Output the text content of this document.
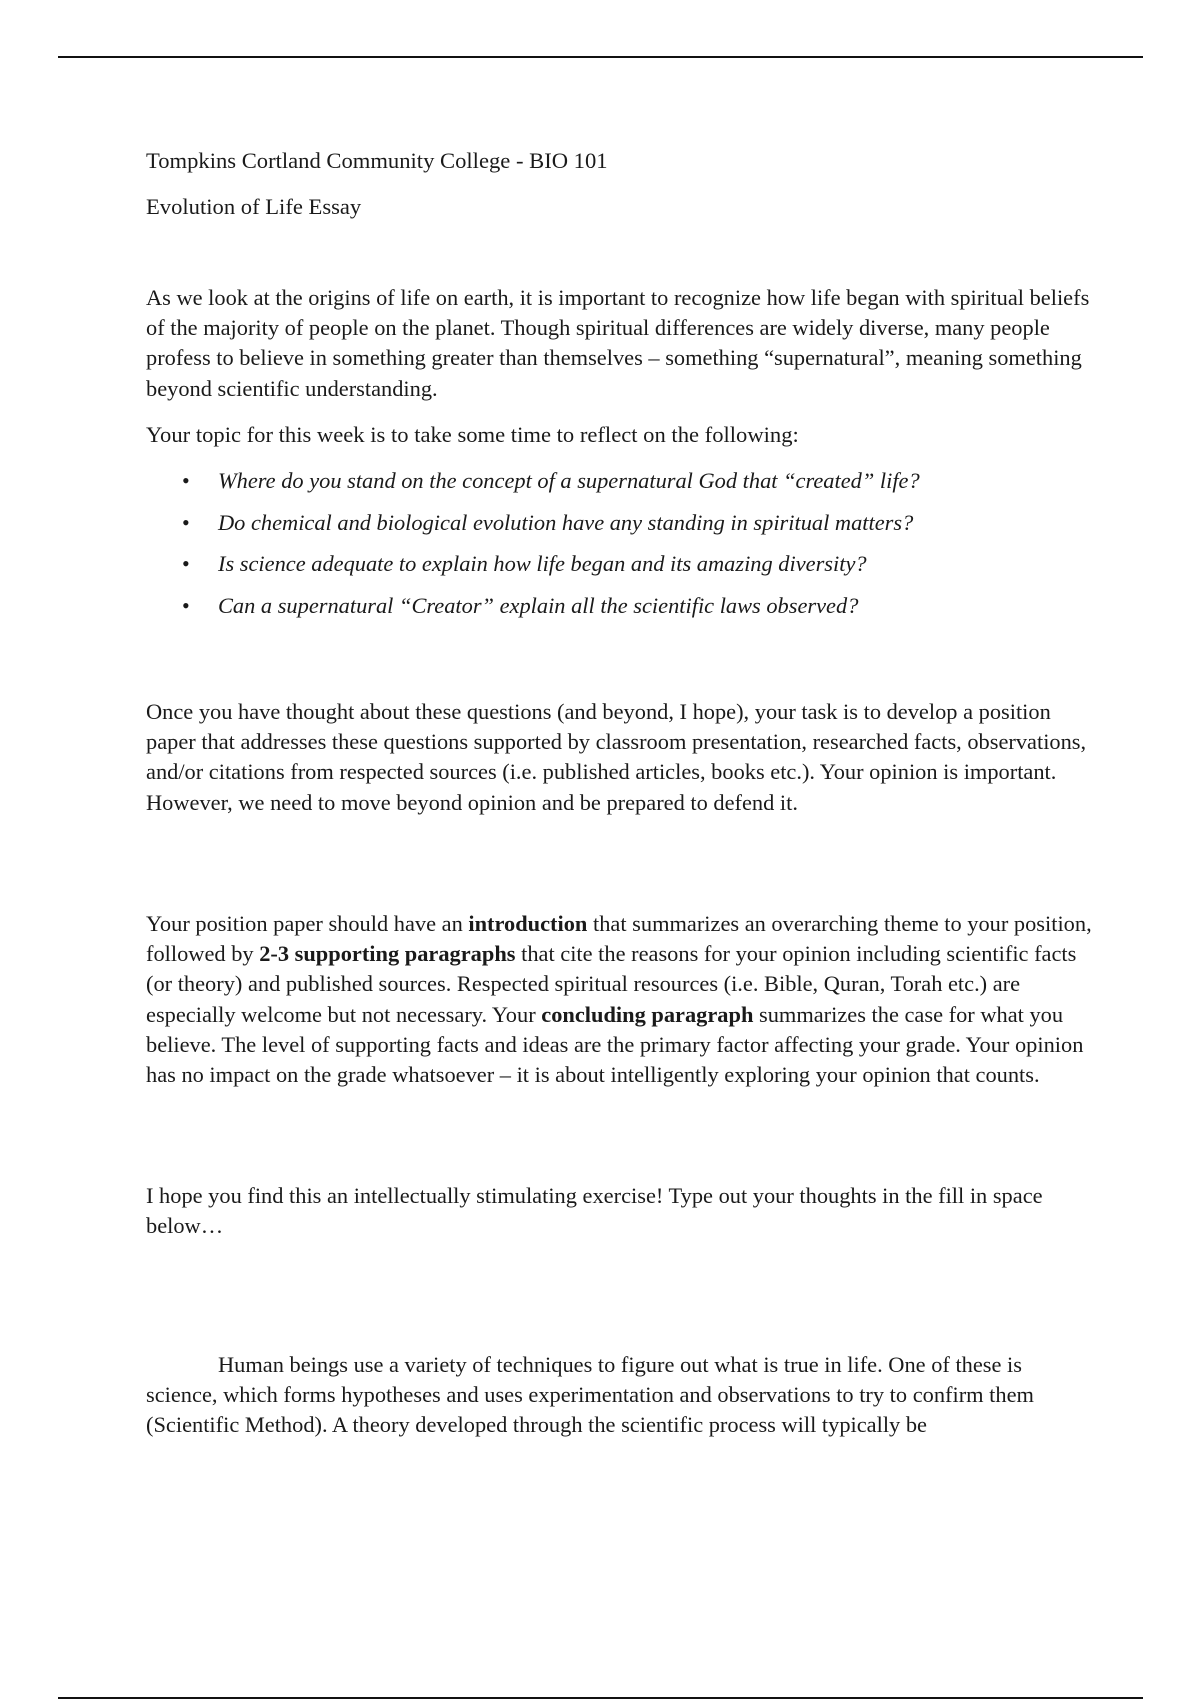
Tompkins Cortland Community College - BIO 101
Evolution of Life Essay

As we look at the origins of life on earth, it is important to recognize how life began with spiritual beliefs of the majority of people on the planet. Though spiritual differences are widely diverse, many people profess to believe in something greater than themselves – something “supernatural”, meaning something beyond scientific understanding.

Your topic for this week is to take some time to reflect on the following:
• Where do you stand on the concept of a supernatural God that “created” life?
• Do chemical and biological evolution have any standing in spiritual matters?
• Is science adequate to explain how life began and its amazing diversity?
• Can a supernatural “Creator” explain all the scientific laws observed?

Once you have thought about these questions (and beyond, I hope), your task is to develop a position paper that addresses these questions supported by classroom presentation, researched facts, observations, and/or citations from respected sources (i.e. published articles, books etc.). Your opinion is important. However, we need to move beyond opinion and be prepared to defend it.

Your position paper should have an introduction that summarizes an overarching theme to your position, followed by 2-3 supporting paragraphs that cite the reasons for your opinion including scientific facts (or theory) and published sources. Respected spiritual resources (i.e. Bible, Quran, Torah etc.) are especially welcome but not necessary. Your concluding paragraph summarizes the case for what you believe. The level of supporting facts and ideas are the primary factor affecting your grade. Your opinion has no impact on the grade whatsoever – it is about intelligently exploring your opinion that counts.

I hope you find this an intellectually stimulating exercise! Type out your thoughts in the fill in space below…

Human beings use a variety of techniques to figure out what is true in life. One of these is science, which forms hypotheses and uses experimentation and observations to try to confirm them (Scientific Method). A theory developed through the scientific process will typically be
